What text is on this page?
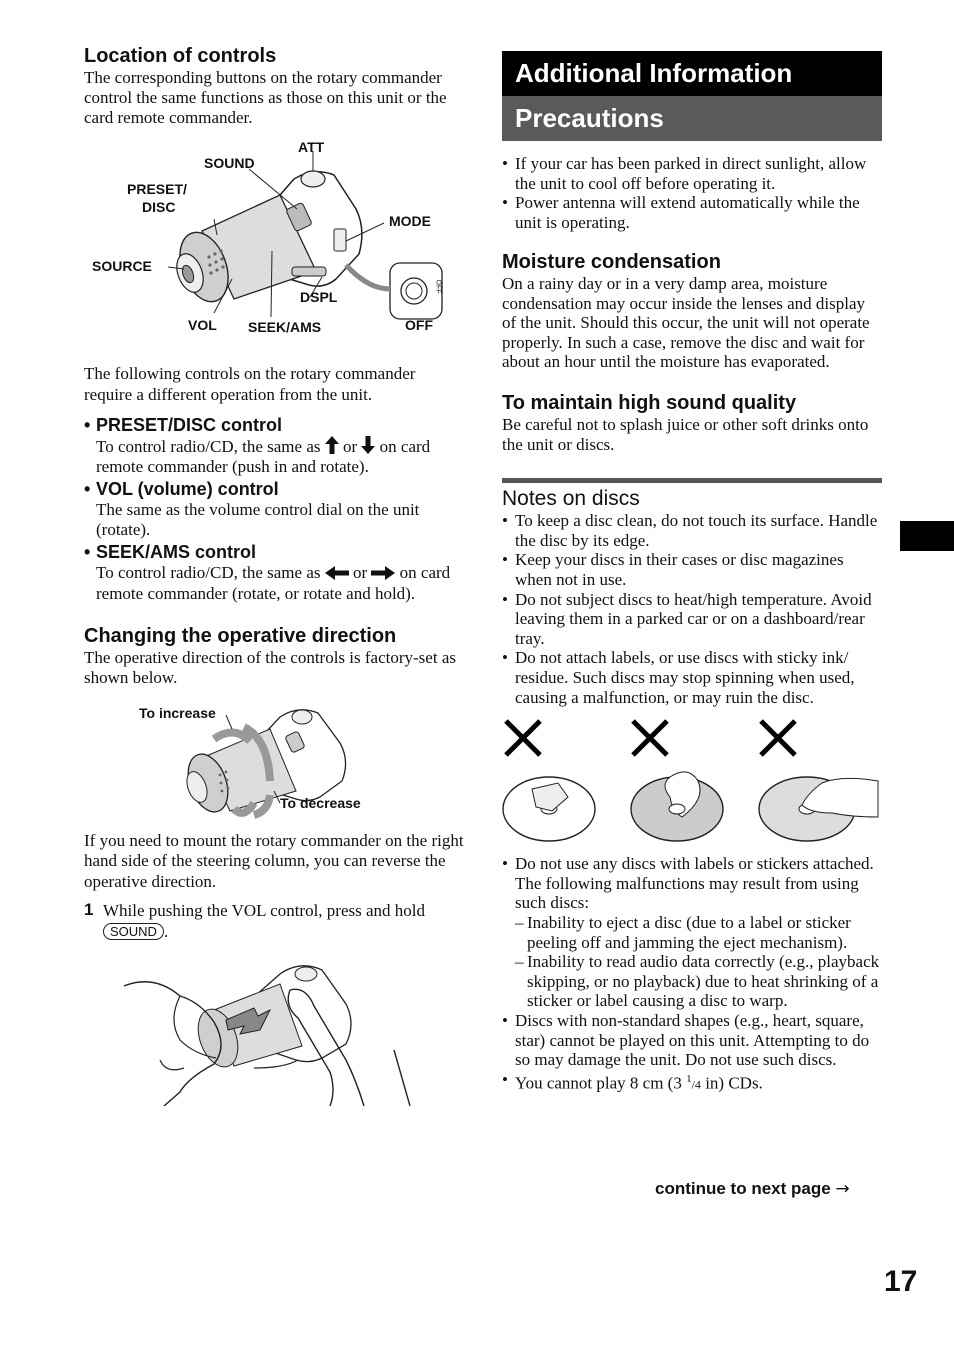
Location of controls

The corresponding buttons on the rotary commander control the same functions as those on this unit or the card remote commander.

ATT
SOUND
PRESET/
DISC
MODE
SOURCE
DSPL
VOL SEEK/AMS	OFF
OFF

The following controls on the rotary commander require a different operation from the unit.

• PRESET/DISC control

To control radio/CD, the same as or on card remote commander (push in and rotate).

• VOL (volume) control

The same as the volume control dial on the unit (rotate).

• SEEK/AMS control

To control radio/CD, the same as or on card remote commander (rotate, or rotate and hold).

Changing the operative direction

The operative direction of the controls is factory-set as shown below.

To increase
To decrease

If you need to mount the rotary commander on the right hand side of the steering column, you can reverse the operative direction.

1 While pushing the VOL control, press and hold SOUND .

Additional Information
Precautions
• If your car has been parked in direct sunlight, allow the unit to cool off before operating it.
• Power antenna will extend automatically while the unit is operating.
Moisture condensation

On a rainy day or in a very damp area, moisture condensation may occur inside the lenses and display of the unit. Should this occur, the unit will not operate properly. In such a case, remove the disc and wait for about an hour until the moisture has evaporated.

To maintain high sound quality

Be careful not to splash juice or other soft drinks onto the unit or discs.

Notes on discs
• To keep a disc clean, do not touch its surface. Handle the disc by its edge.
• Keep your discs in their cases or disc magazines when not in use.
• Do not subject discs to heat/high temperature. Avoid leaving them in a parked car or on a dashboard/rear tray.
• Do not attach labels, or use discs with sticky ink/ residue. Such discs may stop spinning when used, causing a malfunction, or may ruin the disc.
• Do not use any discs with labels or stickers attached.
The following malfunctions may result from using such discs:
– Inability to eject a disc (due to a label or sticker peeling off and jamming the eject mechanism).
– Inability to read audio data correctly (e.g., playback skipping, or no playback) due to heat shrinking of a sticker or label causing a disc to warp.
• Discs with non-standard shapes (e.g., heart, square, star) cannot be played on this unit. Attempting to do so may damage the unit. Do not use such discs.
• You cannot play 8 cm (3 $^1$/4 in) CDs.
continue to next page →
17
